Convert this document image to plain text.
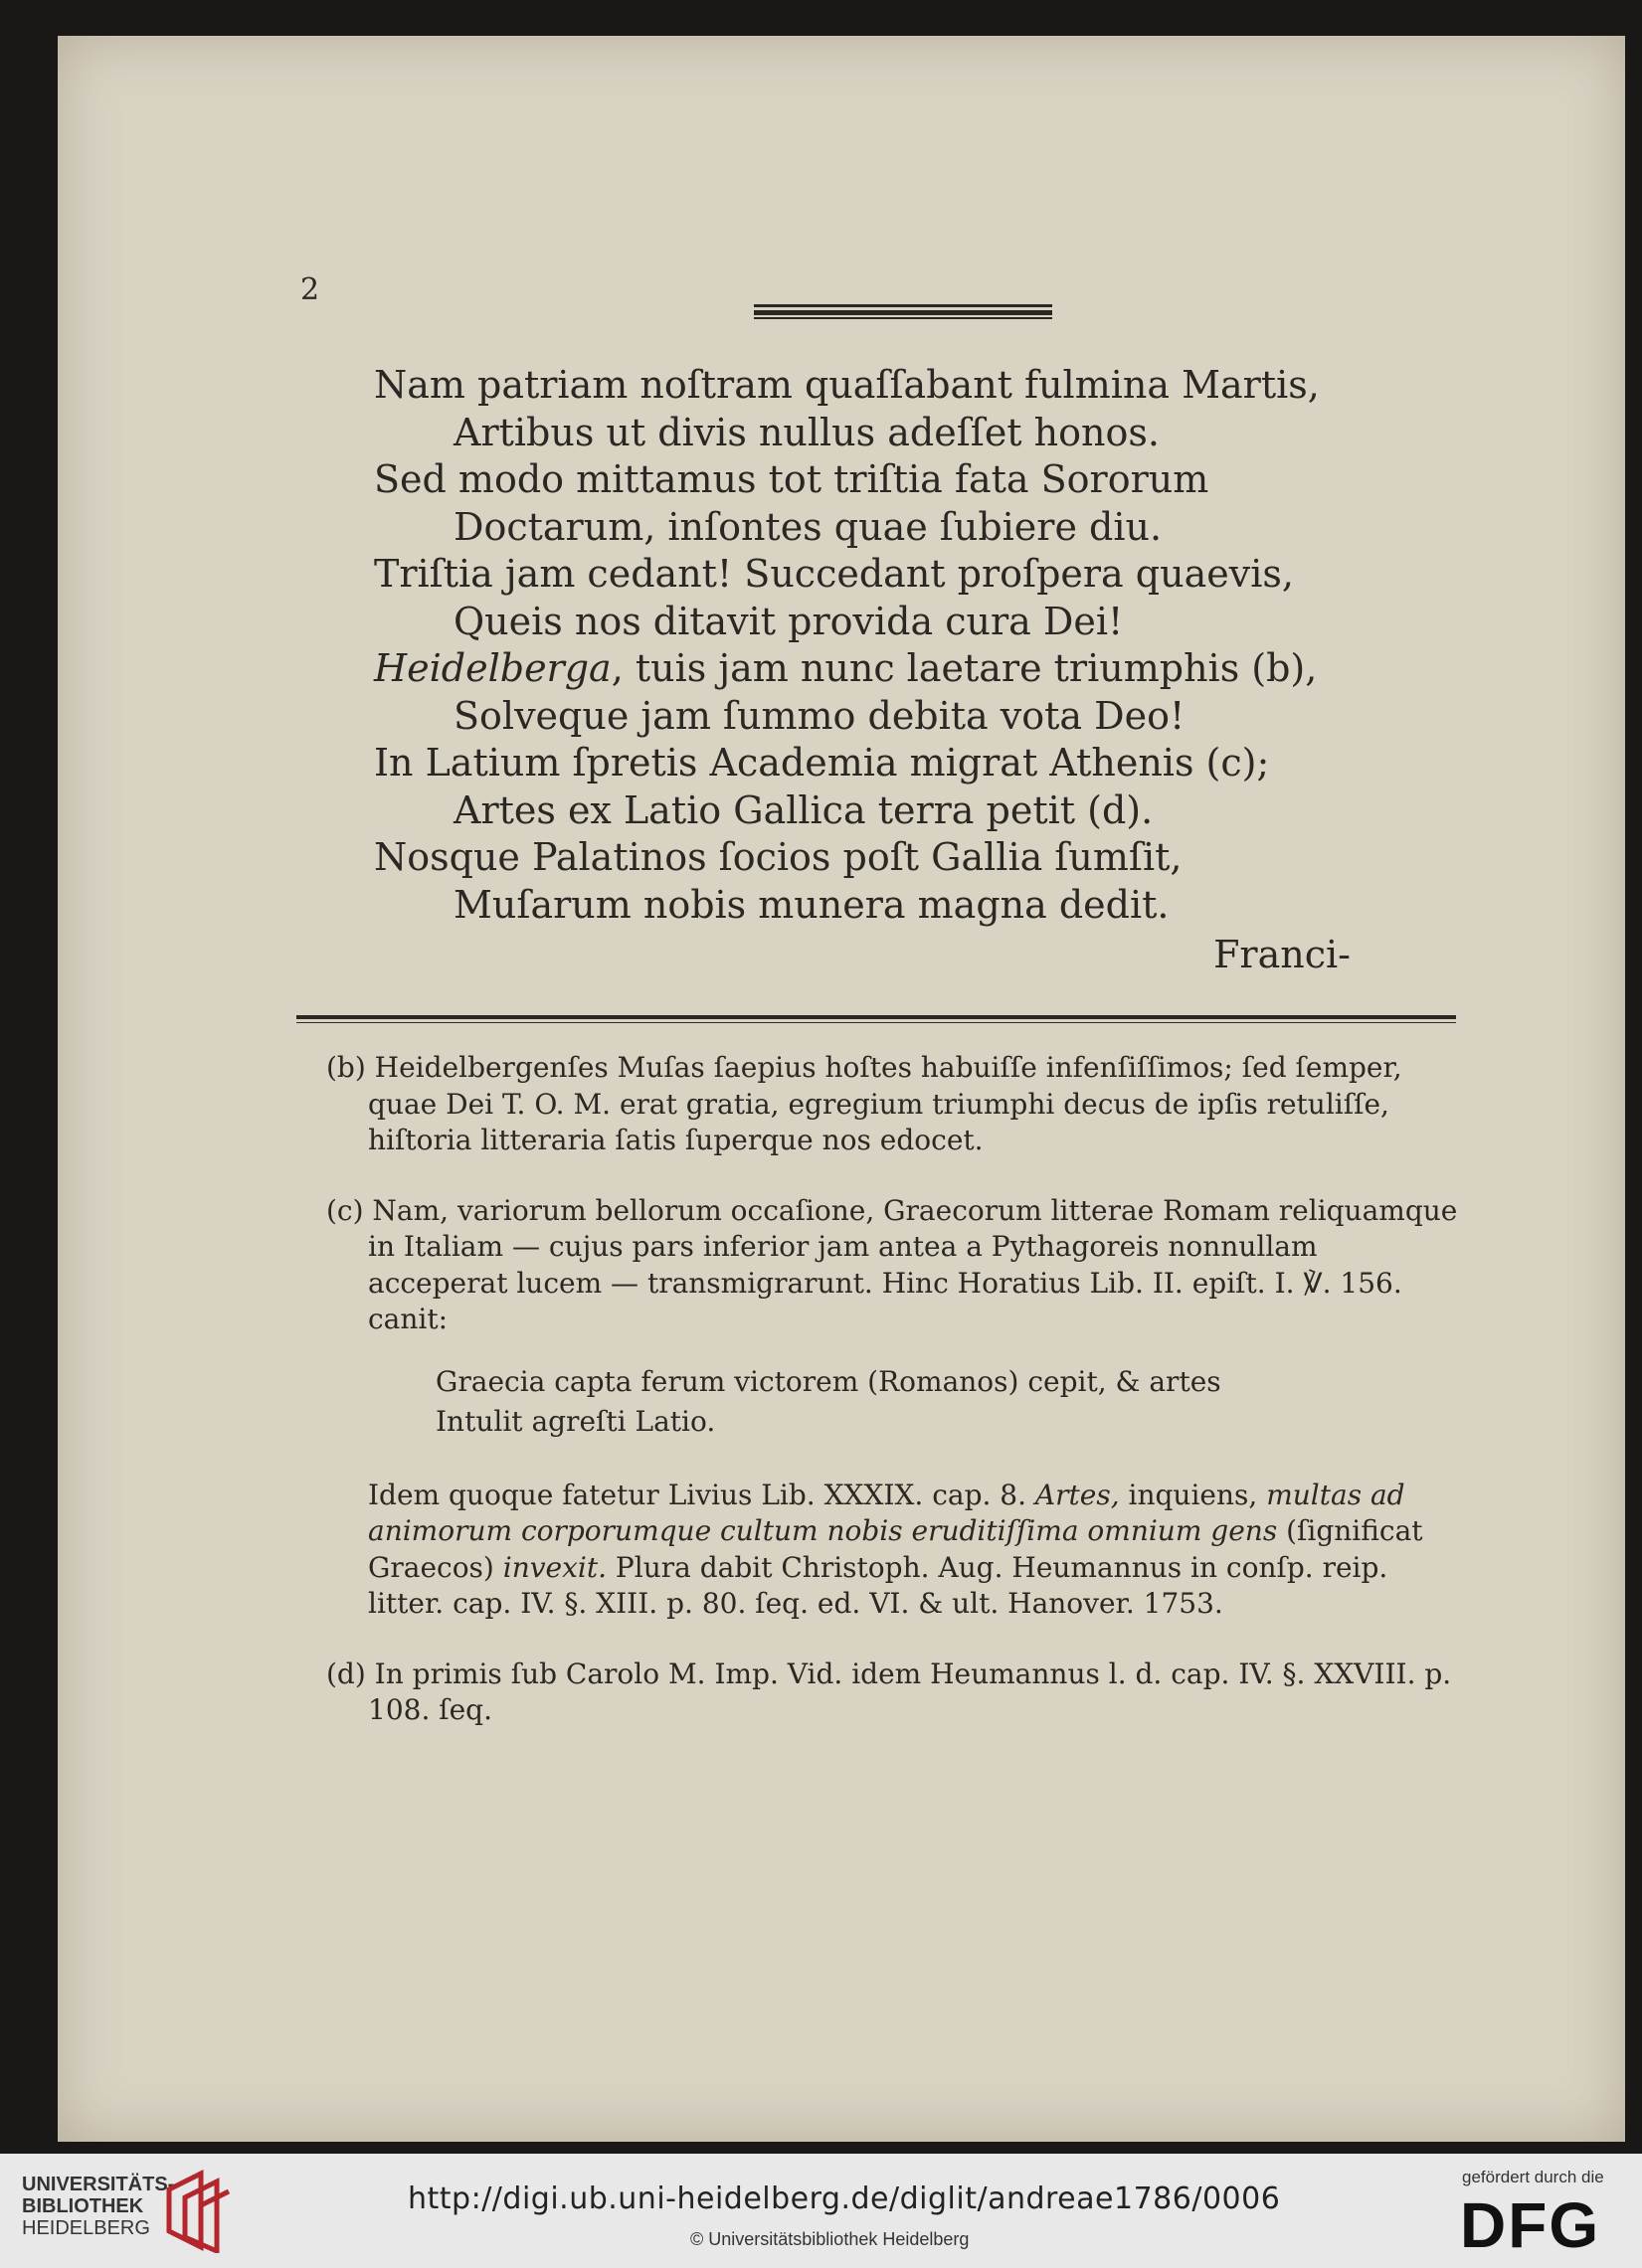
2
Nam patriam noſtram quaſſabant fulmina Martis,
Artibus ut divis nullus adeſſet honos.
Sed modo mittamus tot triſtia fata Sororum
Doctarum, inſontes quae ſubiere diu.
Triſtia jam cedant! Succedant proſpera quaevis,
Queis nos ditavit provida cura Dei!
Heidelberga, tuis jam nunc laetare triumphis (b),
Solveque jam ſummo debita vota Deo!
In Latium ſpretis Academia migrat Athenis (c);
Artes ex Latio Gallica terra petit (d).
Nosque Palatinos ſocios poſt Gallia ſumſit,
Muſarum nobis munera magna dedit.
Franci-
(b) Heidelbergenſes Muſas ſaepius hoſtes habuiſſe infenſiſſimos; ſed ſemper, quae Dei T. O. M. erat gratia, egregium triumphi decus de ipſis retuliſſe, hiſtoria litteraria ſatis ſuperque nos edocet.
(c) Nam, variorum bellorum occaſione, Graecorum litterae Romam reliquamque in Italiam — cujus pars inferior jam antea a Pythagoreis nonnullam acceperat lucem — transmigrarunt. Hinc Horatius Lib. II. epiſt. I. ℣. 156. canit:
Graecia capta ferum victorem (Romanos) cepit, & artes
Intulit agreſti Latio.
Idem quoque fatetur Livius Lib. XXXIX. cap. 8. Artes, inquiens, multas ad animorum corporumque cultum nobis eruditiſſima omnium gens (ſignificat Graecos) invexit. Plura dabit Christoph. Aug. Heumannus in conſp. reip. litter. cap. IV. §. XIII. p. 80. ſeq. ed. VI. & ult. Hanover. 1753.
(d) In primis ſub Carolo M. Imp. Vid. idem Heumannus l. d. cap. IV. §. XXVIII. p. 108. ſeq.
UNIVERSITÄTS-
BIBLIOTHEK
HEIDELBERG
http://digi.ub.uni-heidelberg.de/diglit/andreae1786/0006
© Universitätsbibliothek Heidelberg
gefördert durch die
DFG
